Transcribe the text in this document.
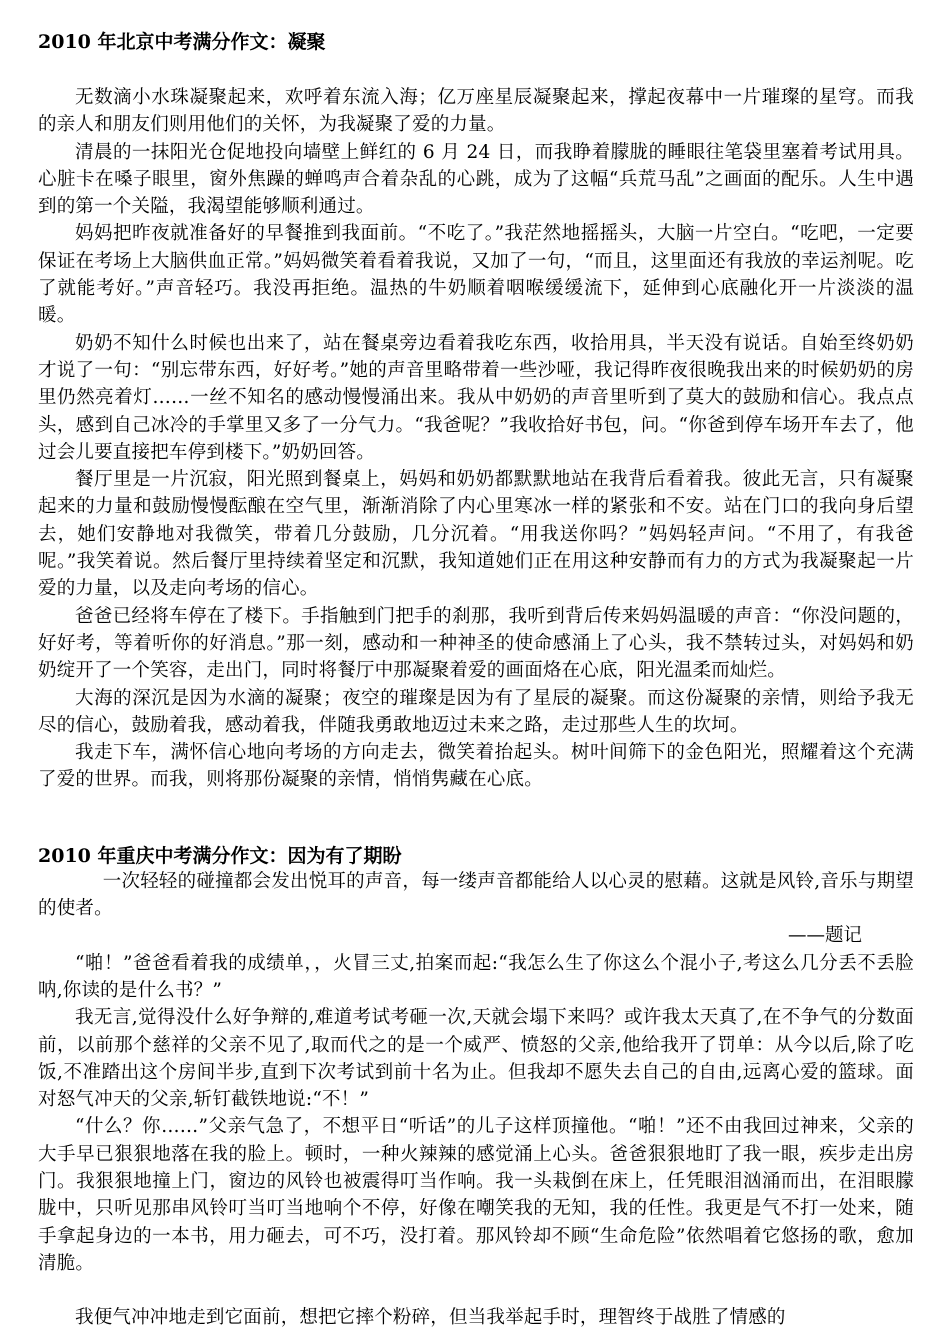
2010 年北京中考满分作文：凝聚

无数滴小水珠凝聚起来，欢呼着东流入海；亿万座星辰凝聚起来，撑起夜幕中一片璀璨的星穹。而我的亲人和朋友们则用他们的关怀，为我凝聚了爱的力量。

清晨的一抹阳光仓促地投向墙壁上鲜红的 6 月 24 日，而我睁着朦胧的睡眼往笔袋里塞着考试用具。心脏卡在嗓子眼里，窗外焦躁的蝉鸣声合着杂乱的心跳，成为了这幅“兵荒马乱”之画面的配乐。人生中遇到的第一个关隘，我渴望能够顺利通过。

妈妈把昨夜就准备好的早餐推到我面前。“不吃了。”我茫然地摇摇头，大脑一片空白。“吃吧，一定要保证在考场上大脑供血正常。”妈妈微笑着看着我说，又加了一句，“而且，这里面还有我放的幸运剂呢。吃了就能考好。”声音轻巧。我没再拒绝。温热的牛奶顺着咽喉缓缓流下，延伸到心底融化开一片淡淡的温暖。

奶奶不知什么时候也出来了，站在餐桌旁边看着我吃东西，收拾用具，半天没有说话。自始至终奶奶才说了一句：“别忘带东西，好好考。”她的声音里略带着一些沙哑，我记得昨夜很晚我出来的时候奶奶的房里仍然亮着灯……一丝不知名的感动慢慢涌出来。我从中奶奶的声音里听到了莫大的鼓励和信心。我点点头，感到自己冰冷的手掌里又多了一分气力。“我爸呢？”我收拾好书包，问。“你爸到停车场开车去了，他过会儿要直接把车停到楼下。”奶奶回答。

餐厅里是一片沉寂，阳光照到餐桌上，妈妈和奶奶都默默地站在我背后看着我。彼此无言，只有凝聚起来的力量和鼓励慢慢酝酿在空气里，渐渐消除了内心里寒冰一样的紧张和不安。站在门口的我向身后望去，她们安静地对我微笑，带着几分鼓励，几分沉着。“用我送你吗？”妈妈轻声问。“不用了，有我爸呢。”我笑着说。然后餐厅里持续着坚定和沉默，我知道她们正在用这种安静而有力的方式为我凝聚起一片爱的力量，以及走向考场的信心。

爸爸已经将车停在了楼下。手指触到门把手的刹那，我听到背后传来妈妈温暖的声音：“你没问题的，好好考，等着听你的好消息。”那一刻，感动和一种神圣的使命感涌上了心头，我不禁转过头，对妈妈和奶奶绽开了一个笑容，走出门，同时将餐厅中那凝聚着爱的画面烙在心底，阳光温柔而灿烂。

大海的深沉是因为水滴的凝聚；夜空的璀璨是因为有了星辰的凝聚。而这份凝聚的亲情，则给予我无尽的信心，鼓励着我，感动着我，伴随我勇敢地迈过未来之路，走过那些人生的坎坷。

我走下车，满怀信心地向考场的方向走去，微笑着抬起头。树叶间筛下的金色阳光，照耀着这个充满了爱的世界。而我，则将那份凝聚的亲情，悄悄隽藏在心底。

2010 年重庆中考满分作文：因为有了期盼

一次轻轻的碰撞都会发出悦耳的声音，每一缕声音都能给人以心灵的慰藉。这就是风铃,音乐与期望的使者。

——题记

“啪！”爸爸看着我的成绩单，，火冒三丈,拍案而起:“我怎么生了你这么个混小子,考这么几分丢不丢脸呐,你读的是什么书？”

我无言,觉得没什么好争辩的,难道考试考砸一次,天就会塌下来吗？或许我太天真了,在不争气的分数面前，以前那个慈祥的父亲不见了,取而代之的是一个威严、愤怒的父亲,他给我开了罚单：从今以后,除了吃饭,不准踏出这个房间半步,直到下次考试到前十名为止。但我却不愿失去自己的自由,远离心爱的篮球。面对怒气冲天的父亲,斩钉截铁地说:“不！”

“什么？你……”父亲气急了，不想平日“听话”的儿子这样顶撞他。“啪！”还不由我回过神来，父亲的大手早已狠狠地落在我的脸上。顿时，一种火辣辣的感觉涌上心头。爸爸狠狠地盯了我一眼，疾步走出房门。我狠狠地撞上门，窗边的风铃也被震得叮当作响。我一头栽倒在床上，任凭眼泪汹涌而出，在泪眼朦胧中，只听见那串风铃叮当叮当地响个不停，好像在嘲笑我的无知，我的任性。我更是气不打一处来，随手拿起身边的一本书，用力砸去，可不巧，没打着。那风铃却不顾“生命危险”依然唱着它悠扬的歌，愈加清脆。

我便气冲冲地走到它面前，想把它摔个粉碎，但当我举起手时，理智终于战胜了情感的
